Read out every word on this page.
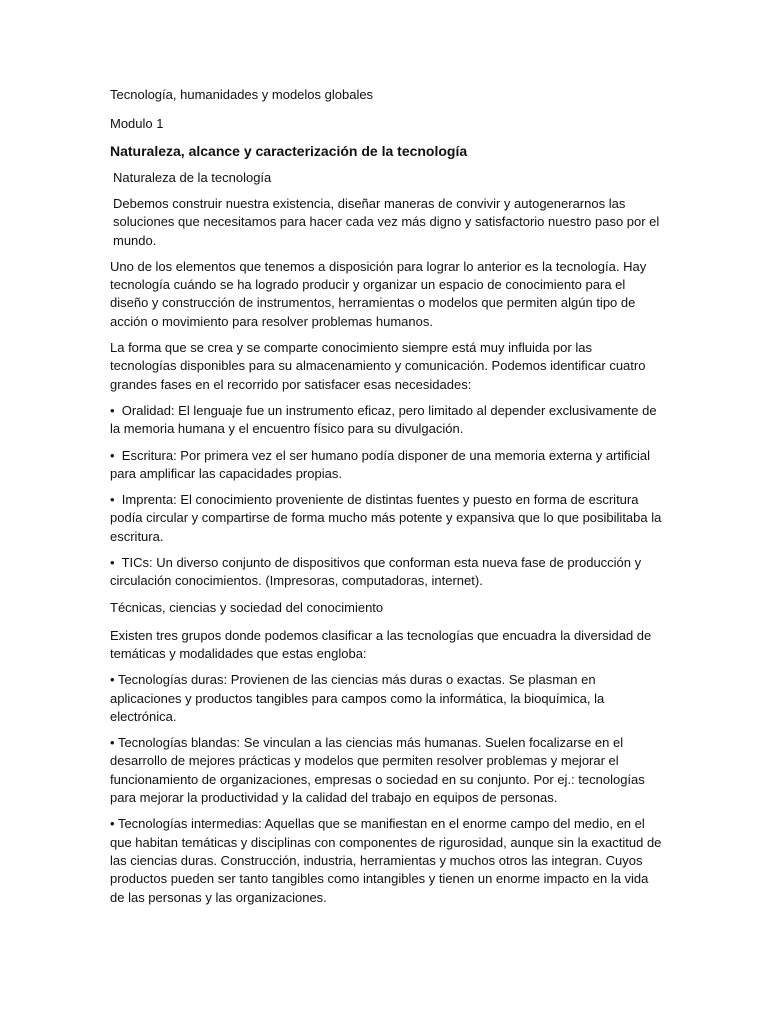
Tecnología, humanidades y modelos globales

Modulo 1

Naturaleza, alcance y caracterización de la tecnología

Naturaleza de la tecnología

Debemos construir nuestra existencia, diseñar maneras de convivir y autogenerarnos las soluciones que necesitamos para hacer cada vez más digno y satisfactorio nuestro paso por el mundo.

Uno de los elementos que tenemos a disposición para lograr lo anterior es la tecnología. Hay tecnología cuándo se ha logrado producir y organizar un espacio de conocimiento para el diseño y construcción de instrumentos, herramientas o modelos que permiten algún tipo de acción o movimiento para resolver problemas humanos.

La forma que se crea y se comparte conocimiento siempre está muy influida por las tecnologías disponibles para su almacenamiento y comunicación. Podemos identificar cuatro grandes fases en el recorrido por satisfacer esas necesidades:

• Oralidad: El lenguaje fue un instrumento eficaz, pero limitado al depender exclusivamente de la memoria humana y el encuentro físico para su divulgación.

• Escritura: Por primera vez el ser humano podía disponer de una memoria externa y artificial para amplificar las capacidades propias.

• Imprenta: El conocimiento proveniente de distintas fuentes y puesto en forma de escritura podía circular y compartirse de forma mucho más potente y expansiva que lo que posibilitaba la escritura.

• TICs: Un diverso conjunto de dispositivos que conforman esta nueva fase de producción y circulación conocimientos. (Impresoras, computadoras, internet).

Técnicas, ciencias y sociedad del conocimiento

Existen tres grupos donde podemos clasificar a las tecnologías que encuadra la diversidad de temáticas y modalidades que estas engloba:

• Tecnologías duras: Provienen de las ciencias más duras o exactas. Se plasman en aplicaciones y productos tangibles para campos como la informática, la bioquímica, la electrónica.

• Tecnologías blandas: Se vinculan a las ciencias más humanas. Suelen focalizarse en el desarrollo de mejores prácticas y modelos que permiten resolver problemas y mejorar el funcionamiento de organizaciones, empresas o sociedad en su conjunto. Por ej.: tecnologías para mejorar la productividad y la calidad del trabajo en equipos de personas.

• Tecnologías intermedias: Aquellas que se manifiestan en el enorme campo del medio, en el que habitan temáticas y disciplinas con componentes de rigurosidad, aunque sin la exactitud de las ciencias duras. Construcción, industria, herramientas y muchos otros las integran. Cuyos productos pueden ser tanto tangibles como intangibles y tienen un enorme impacto en la vida de las personas y las organizaciones.
